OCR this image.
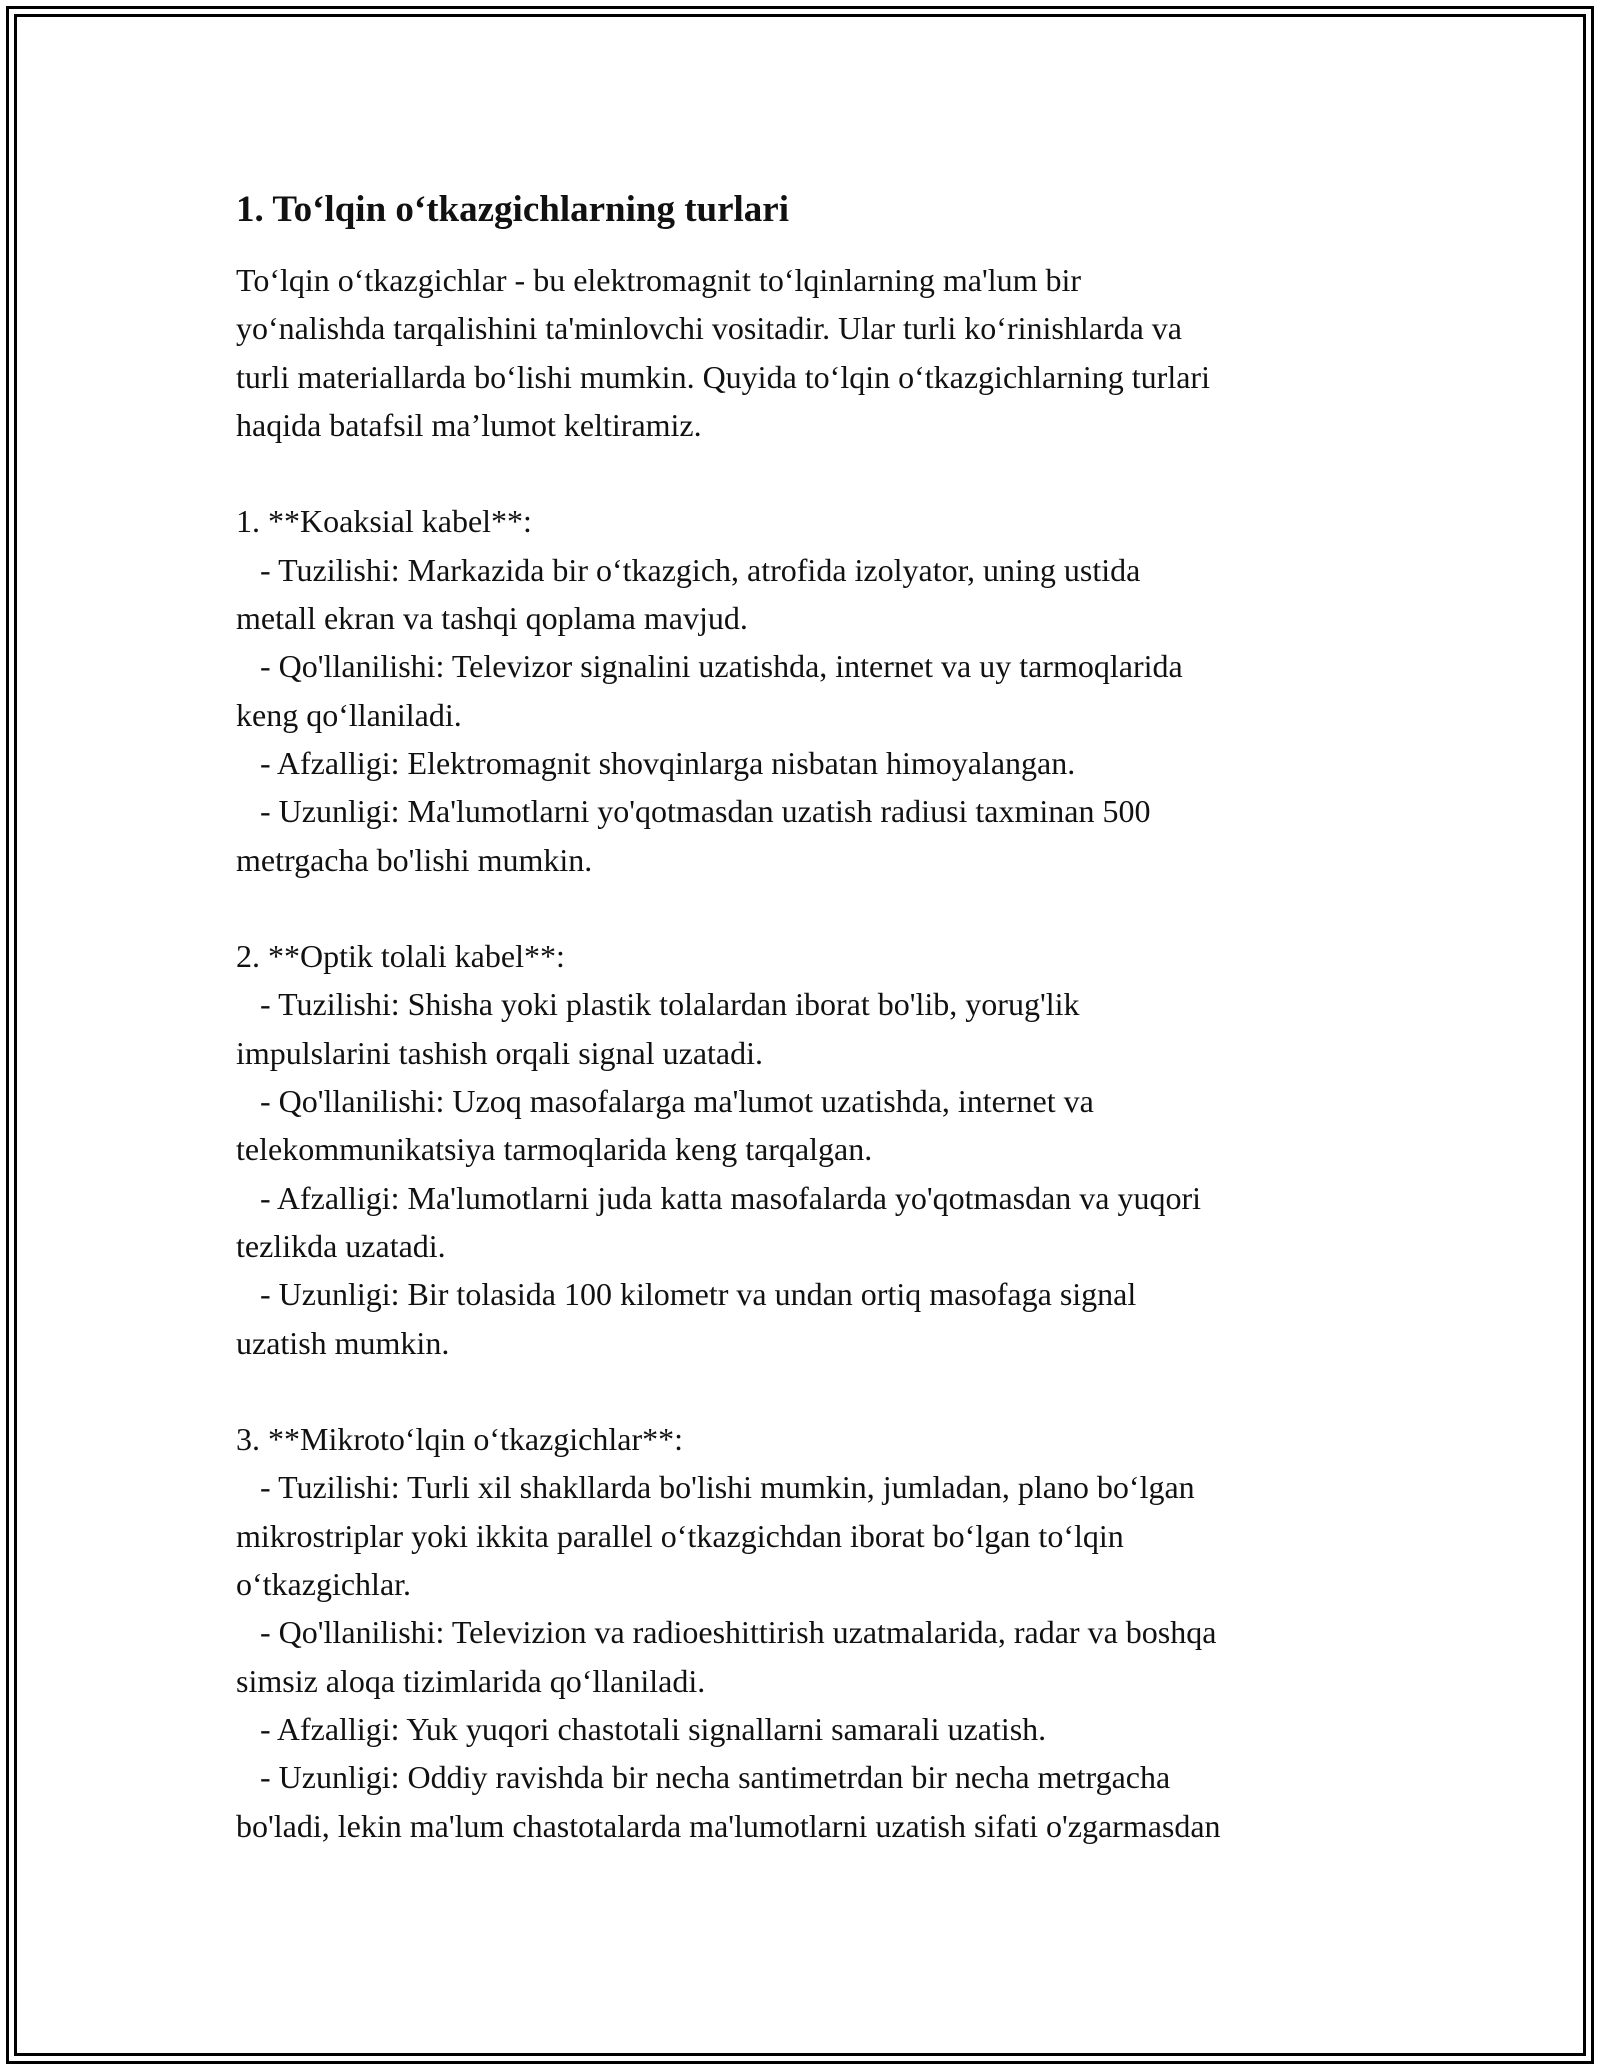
1. To‘lqin o‘tkazgichlarning turlari

To‘lqin o‘tkazgichlar - bu elektromagnit to‘lqinlarning ma'lum bir

yo‘nalishda tarqalishini ta'minlovchi vositadir. Ular turli ko‘rinishlarda va

turli materiallarda bo‘lishi mumkin. Quyida to‘lqin o‘tkazgichlarning turlari

haqida batafsil ma’lumot keltiramiz.

1. **Koaksial kabel**:

- Tuzilishi: Markazida bir o‘tkazgich, atrofida izolyator, uning ustida

metall ekran va tashqi qoplama mavjud.

- Qo'llanilishi: Televizor signalini uzatishda, internet va uy tarmoqlarida

keng qo‘llaniladi.

- Afzalligi: Elektromagnit shovqinlarga nisbatan himoyalangan.

- Uzunligi: Ma'lumotlarni yo'qotmasdan uzatish radiusi taxminan 500

metrgacha bo'lishi mumkin.

2. **Optik tolali kabel**:

- Tuzilishi: Shisha yoki plastik tolalardan iborat bo'lib, yorug'lik

impulslarini tashish orqali signal uzatadi.

- Qo'llanilishi: Uzoq masofalarga ma'lumot uzatishda, internet va

telekommunikatsiya tarmoqlarida keng tarqalgan.

- Afzalligi: Ma'lumotlarni juda katta masofalarda yo'qotmasdan va yuqori

tezlikda uzatadi.

- Uzunligi: Bir tolasida 100 kilometr va undan ortiq masofaga signal

uzatish mumkin.

3. **Mikroto‘lqin o‘tkazgichlar**:

- Tuzilishi: Turli xil shakllarda bo'lishi mumkin, jumladan, plano bo‘lgan

mikrostriplar yoki ikkita parallel o‘tkazgichdan iborat bo‘lgan to‘lqin

o‘tkazgichlar.

- Qo'llanilishi: Televizion va radioeshittirish uzatmalarida, radar va boshqa

simsiz aloqa tizimlarida qo‘llaniladi.

- Afzalligi: Yuk yuqori chastotali signallarni samarali uzatish.

- Uzunligi: Oddiy ravishda bir necha santimetrdan bir necha metrgacha

bo'ladi, lekin ma'lum chastotalarda ma'lumotlarni uzatish sifati o'zgarmasdan
